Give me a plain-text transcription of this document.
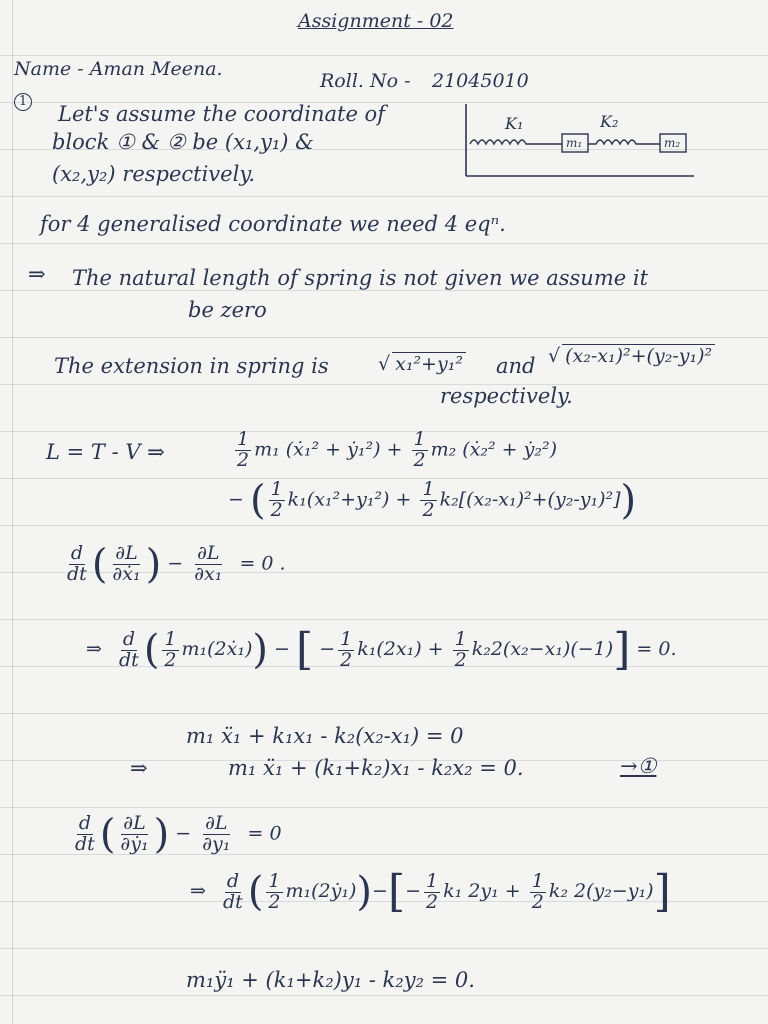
Assignment - 02
Name - Aman Meena.
Roll. No - 21045010
1
Let's assume the coordinate of
block ① & ② be (x₁,y₁) &
(x₂,y₂) respectively.
K₁	K₂
m₁	m₂
for 4 generalised coordinate we need 4 eqⁿ.
⇒ The natural length of spring is not given we assume it
be zero
The extension in spring is	√ x₁²+y₁² and √ (x₂-x₁)²+(y₂-y₁)²
respectively.
L = T - V ⇒	$\frac{1}{2} m_1$ (ẋ₁² + ẏ₁²) + $\frac{1}{2} m_2$ (ẋ₂² + ẏ₂²)
− ( $\frac{1}{2} k_1(x_1^2+y_1^2) + \frac{1}{2} k_2[(x_2-x_1)^2+(y_2-y_1)^2]$)
$\frac{d}{dt}$ ( $\frac{\partial L}{\text{∂ẋ₁}}$ ) − $\frac{\partial L}{\text{∂x₁}} = 0$ .
⇒ $\frac{d}{dt}$ ( $\frac{1}{2}$ m₁(2ẋ₁)) − [ − $\frac{1}{2} k_1(2x_1) + \frac{1}{2} k_22(x_2-x_1)(-1)] = 0$.
m₁ ẍ₁ + k₁x₁ - k₂(x₂-x₁) = 0
⇒	m₁ ẍ₁ + (k₁+k₂)x₁ - k₂x₂ = 0.	→①
$\frac{d}{dt}$ ( $\frac{\partial L}{\text{∂ẏ₁}}$ ) − $\frac{\partial L}{\text{∂y₁}} = 0$
⇒ $\frac{d}{dt}$ ( $\frac{1}{2}$ m₁(2ẏ₁))−[− $\frac{1}{2} k_1$ $2y_1 + \frac{1}{2} k_2$ 2(y₂−y₁)]
m₁ÿ₁ + (k₁+k₂)y₁ - k₂y₂ = 0.
